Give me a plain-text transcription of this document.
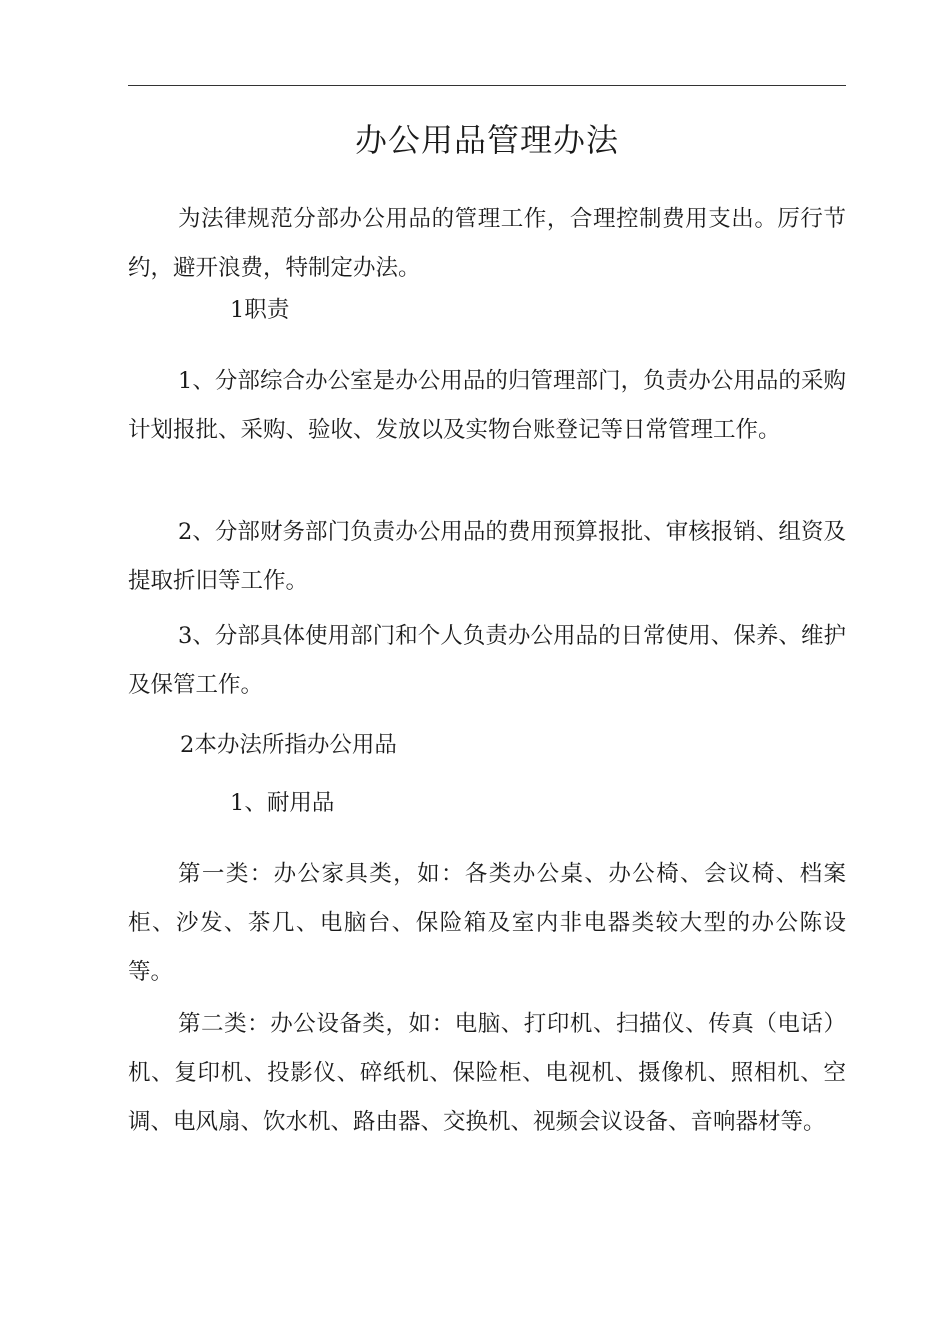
办公用品管理办法

为法律规范分部办公用品的管理工作，合理控制费用支出。厉行节约，避开浪费，特制定办法。

1职责

1、分部综合办公室是办公用品的归管理部门，负责办公用品的采购计划报批、采购、验收、发放以及实物台账登记等日常管理工作。

2、分部财务部门负责办公用品的费用预算报批、审核报销、组资及提取折旧等工作。

3、分部具体使用部门和个人负责办公用品的日常使用、保养、维护及保管工作。

2本办法所指办公用品

1、耐用品

第一类：办公家具类，如：各类办公桌、办公椅、会议椅、档案柜、沙发、茶几、电脑台、保险箱及室内非电器类较大型的办公陈设等。

第二类：办公设备类，如：电脑、打印机、扫描仪、传真（电话）机、复印机、投影仪、碎纸机、保险柜、电视机、摄像机、照相机、空调、电风扇、饮水机、路由器、交换机、视频会议设备、音响器材等。
